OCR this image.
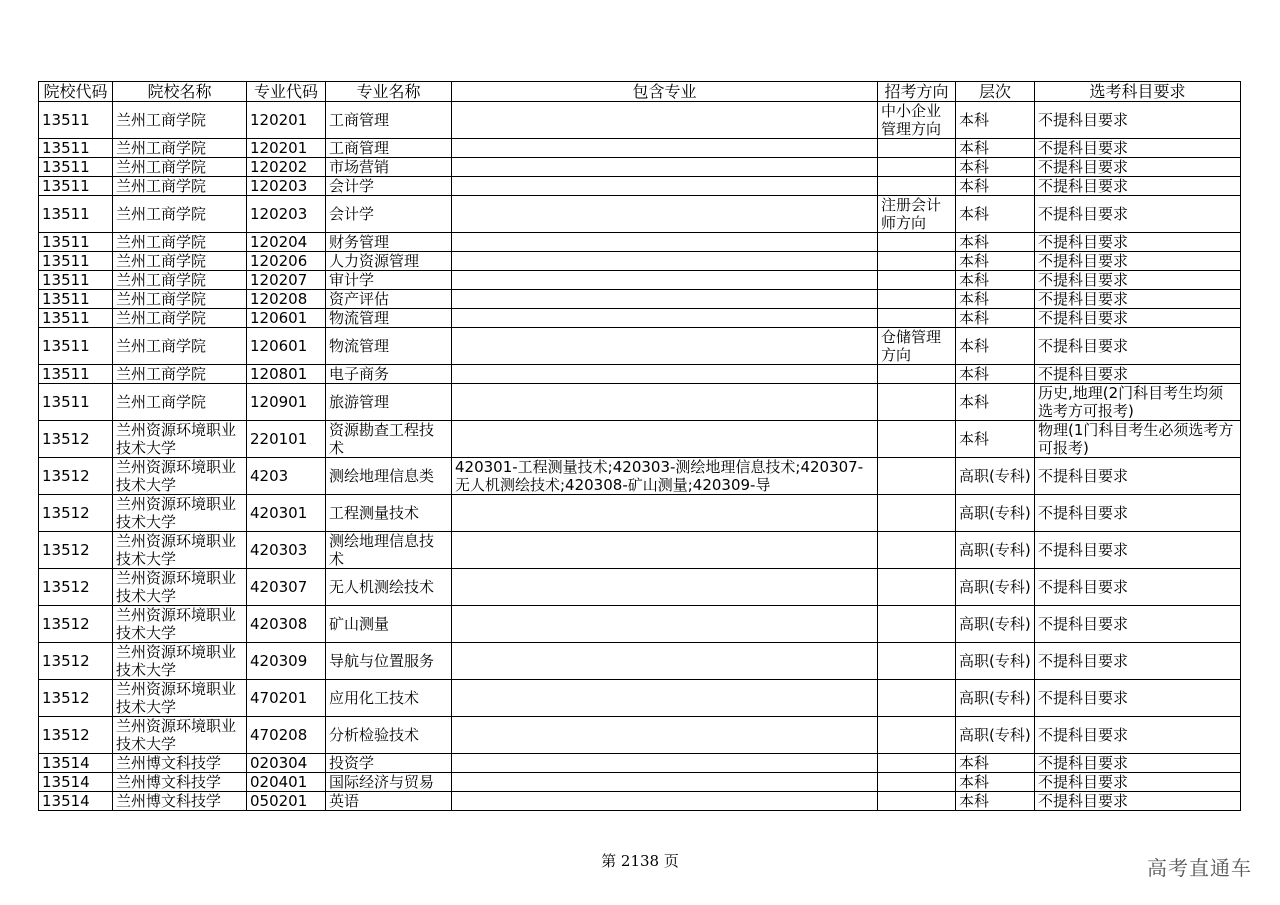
院校代码	院校名称	专业代码	专业名称	包含专业	招考方向	层次	选考科目要求
13511	兰州工商学院	120201	工商管理		中小企业管理方向	本科	不提科目要求
13511	兰州工商学院	120201	工商管理			本科	不提科目要求
13511	兰州工商学院	120202	市场营销			本科	不提科目要求
13511	兰州工商学院	120203	会计学			本科	不提科目要求
13511	兰州工商学院	120203	会计学		注册会计师方向	本科	不提科目要求
13511	兰州工商学院	120204	财务管理			本科	不提科目要求
13511	兰州工商学院	120206	人力资源管理			本科	不提科目要求
13511	兰州工商学院	120207	审计学			本科	不提科目要求
13511	兰州工商学院	120208	资产评估			本科	不提科目要求
13511	兰州工商学院	120601	物流管理			本科	不提科目要求
13511	兰州工商学院	120601	物流管理		仓储管理方向	本科	不提科目要求
13511	兰州工商学院	120801	电子商务			本科	不提科目要求
13511	兰州工商学院	120901	旅游管理			本科	历史,地理(2门科目考生均须选考方可报考)
13512	兰州资源环境职业技术大学	220101	资源勘查工程技术			本科	物理(1门科目考生必须选考方可报考)
13512	兰州资源环境职业技术大学	4203	测绘地理信息类	420301-工程测量技术;420303-测绘地理信息技术;420307-无人机测绘技术;420308-矿山测量;420309-导		高职(专科)	不提科目要求
13512	兰州资源环境职业技术大学	420301	工程测量技术			高职(专科)	不提科目要求
13512	兰州资源环境职业技术大学	420303	测绘地理信息技术			高职(专科)	不提科目要求
13512	兰州资源环境职业技术大学	420307	无人机测绘技术			高职(专科)	不提科目要求
13512	兰州资源环境职业技术大学	420308	矿山测量			高职(专科)	不提科目要求
13512	兰州资源环境职业技术大学	420309	导航与位置服务			高职(专科)	不提科目要求
13512	兰州资源环境职业技术大学	470201	应用化工技术			高职(专科)	不提科目要求
13512	兰州资源环境职业技术大学	470208	分析检验技术			高职(专科)	不提科目要求
13514	兰州博文科技学	020304	投资学			本科	不提科目要求
13514	兰州博文科技学	020401	国际经济与贸易			本科	不提科目要求
13514	兰州博文科技学	050201	英语			本科	不提科目要求
第 2138 页	高考直通车
